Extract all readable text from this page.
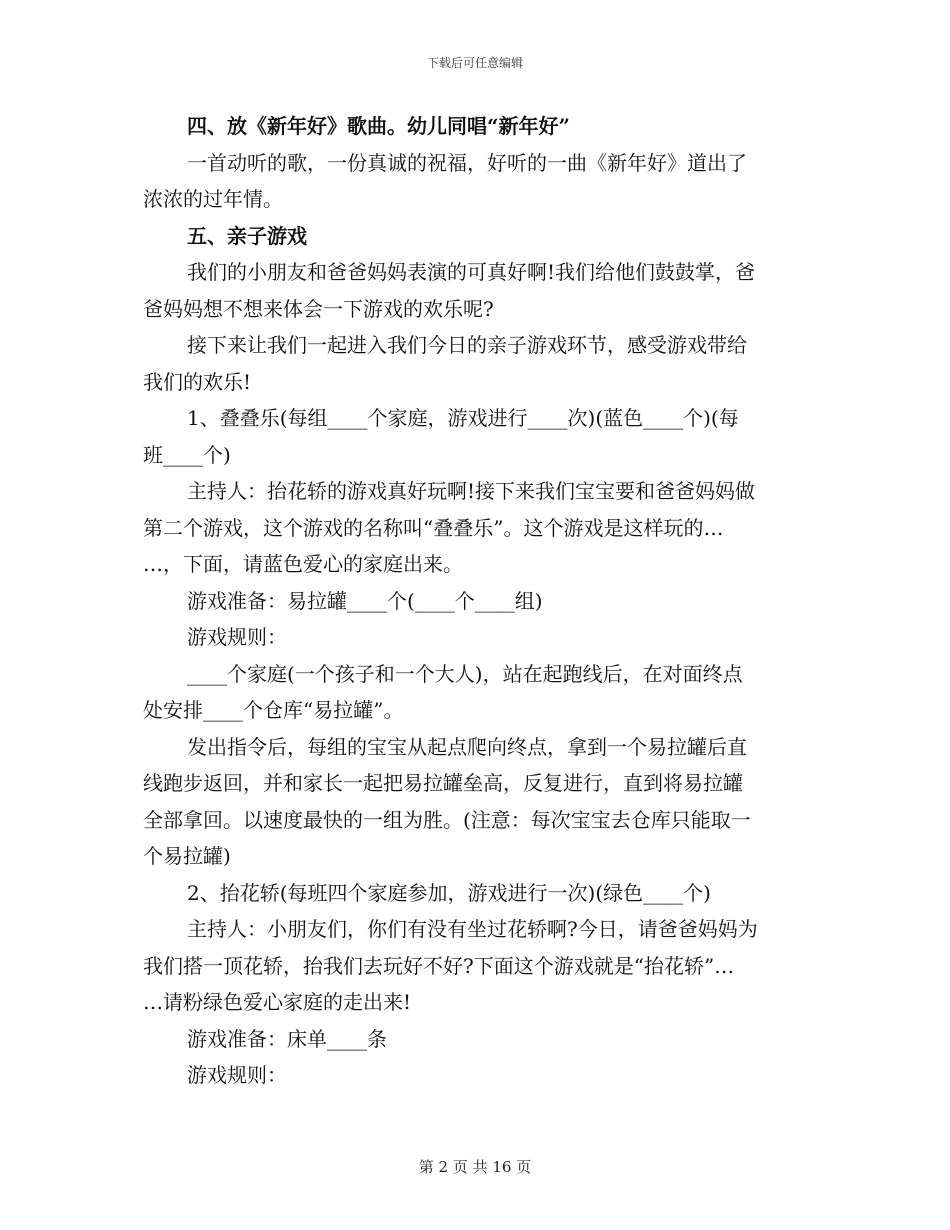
下载后可任意编辑
四、放《新年好》歌曲。幼儿同唱“新年好”
一首动听的歌，一份真诚的祝福，好听的一曲《新年好》道出了
浓浓的过年情。
五、亲子游戏
我们的小朋友和爸爸妈妈表演的可真好啊!我们给他们鼓鼓掌，爸
爸妈妈想不想来体会一下游戏的欢乐呢?
接下来让我们一起进入我们今日的亲子游戏环节，感受游戏带给
我们的欢乐!
1、叠叠乐(每组____个家庭，游戏进行____次)(蓝色____个)(每
班____个)
主持人：抬花轿的游戏真好玩啊!接下来我们宝宝要和爸爸妈妈做
第二个游戏，这个游戏的名称叫“叠叠乐”。这个游戏是这样玩的…
…，下面，请蓝色爱心的家庭出来。
游戏准备：易拉罐____个(____个____组)
游戏规则：
____个家庭(一个孩子和一个大人)，站在起跑线后，在对面终点
处安排____个仓库“易拉罐”。
发出指令后，每组的宝宝从起点爬向终点，拿到一个易拉罐后直
线跑步返回，并和家长一起把易拉罐垒高，反复进行，直到将易拉罐
全部拿回。以速度最快的一组为胜。(注意：每次宝宝去仓库只能取一
个易拉罐)
2、抬花轿(每班四个家庭参加，游戏进行一次)(绿色____个)
主持人：小朋友们，你们有没有坐过花轿啊?今日，请爸爸妈妈为
我们搭一顶花轿，抬我们去玩好不好?下面这个游戏就是“抬花轿”…
…请粉绿色爱心家庭的走出来!
游戏准备：床单____条
游戏规则：
第 2 页 共 16 页
